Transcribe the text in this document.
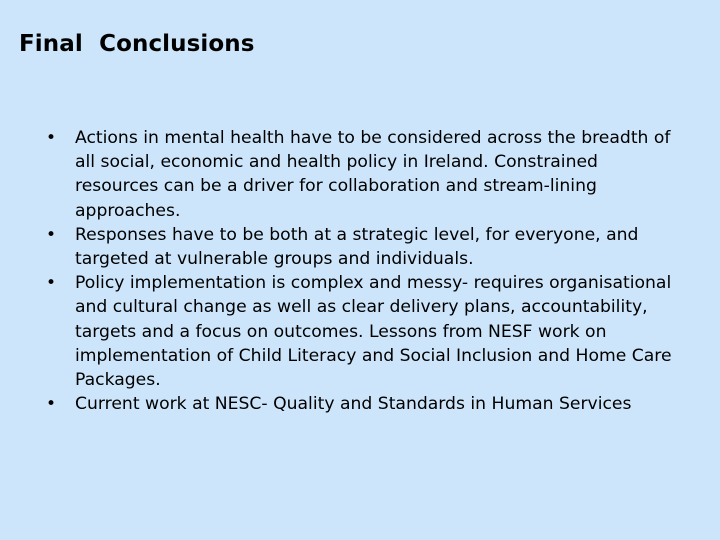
Final  Conclusions
• Actions in mental health have to be considered across the breadth of all social, economic and health policy in Ireland. Constrained resources can be a driver for collaboration and stream-lining approaches.
• Responses have to be both at a strategic level, for everyone, and targeted at vulnerable groups and individuals.
• Policy implementation is complex and messy- requires organisational and cultural change as well as clear delivery plans, accountability, targets and a focus on outcomes. Lessons from NESF work on implementation of Child Literacy and Social Inclusion and Home Care Packages.
• Current work at NESC- Quality and Standards in Human Services
